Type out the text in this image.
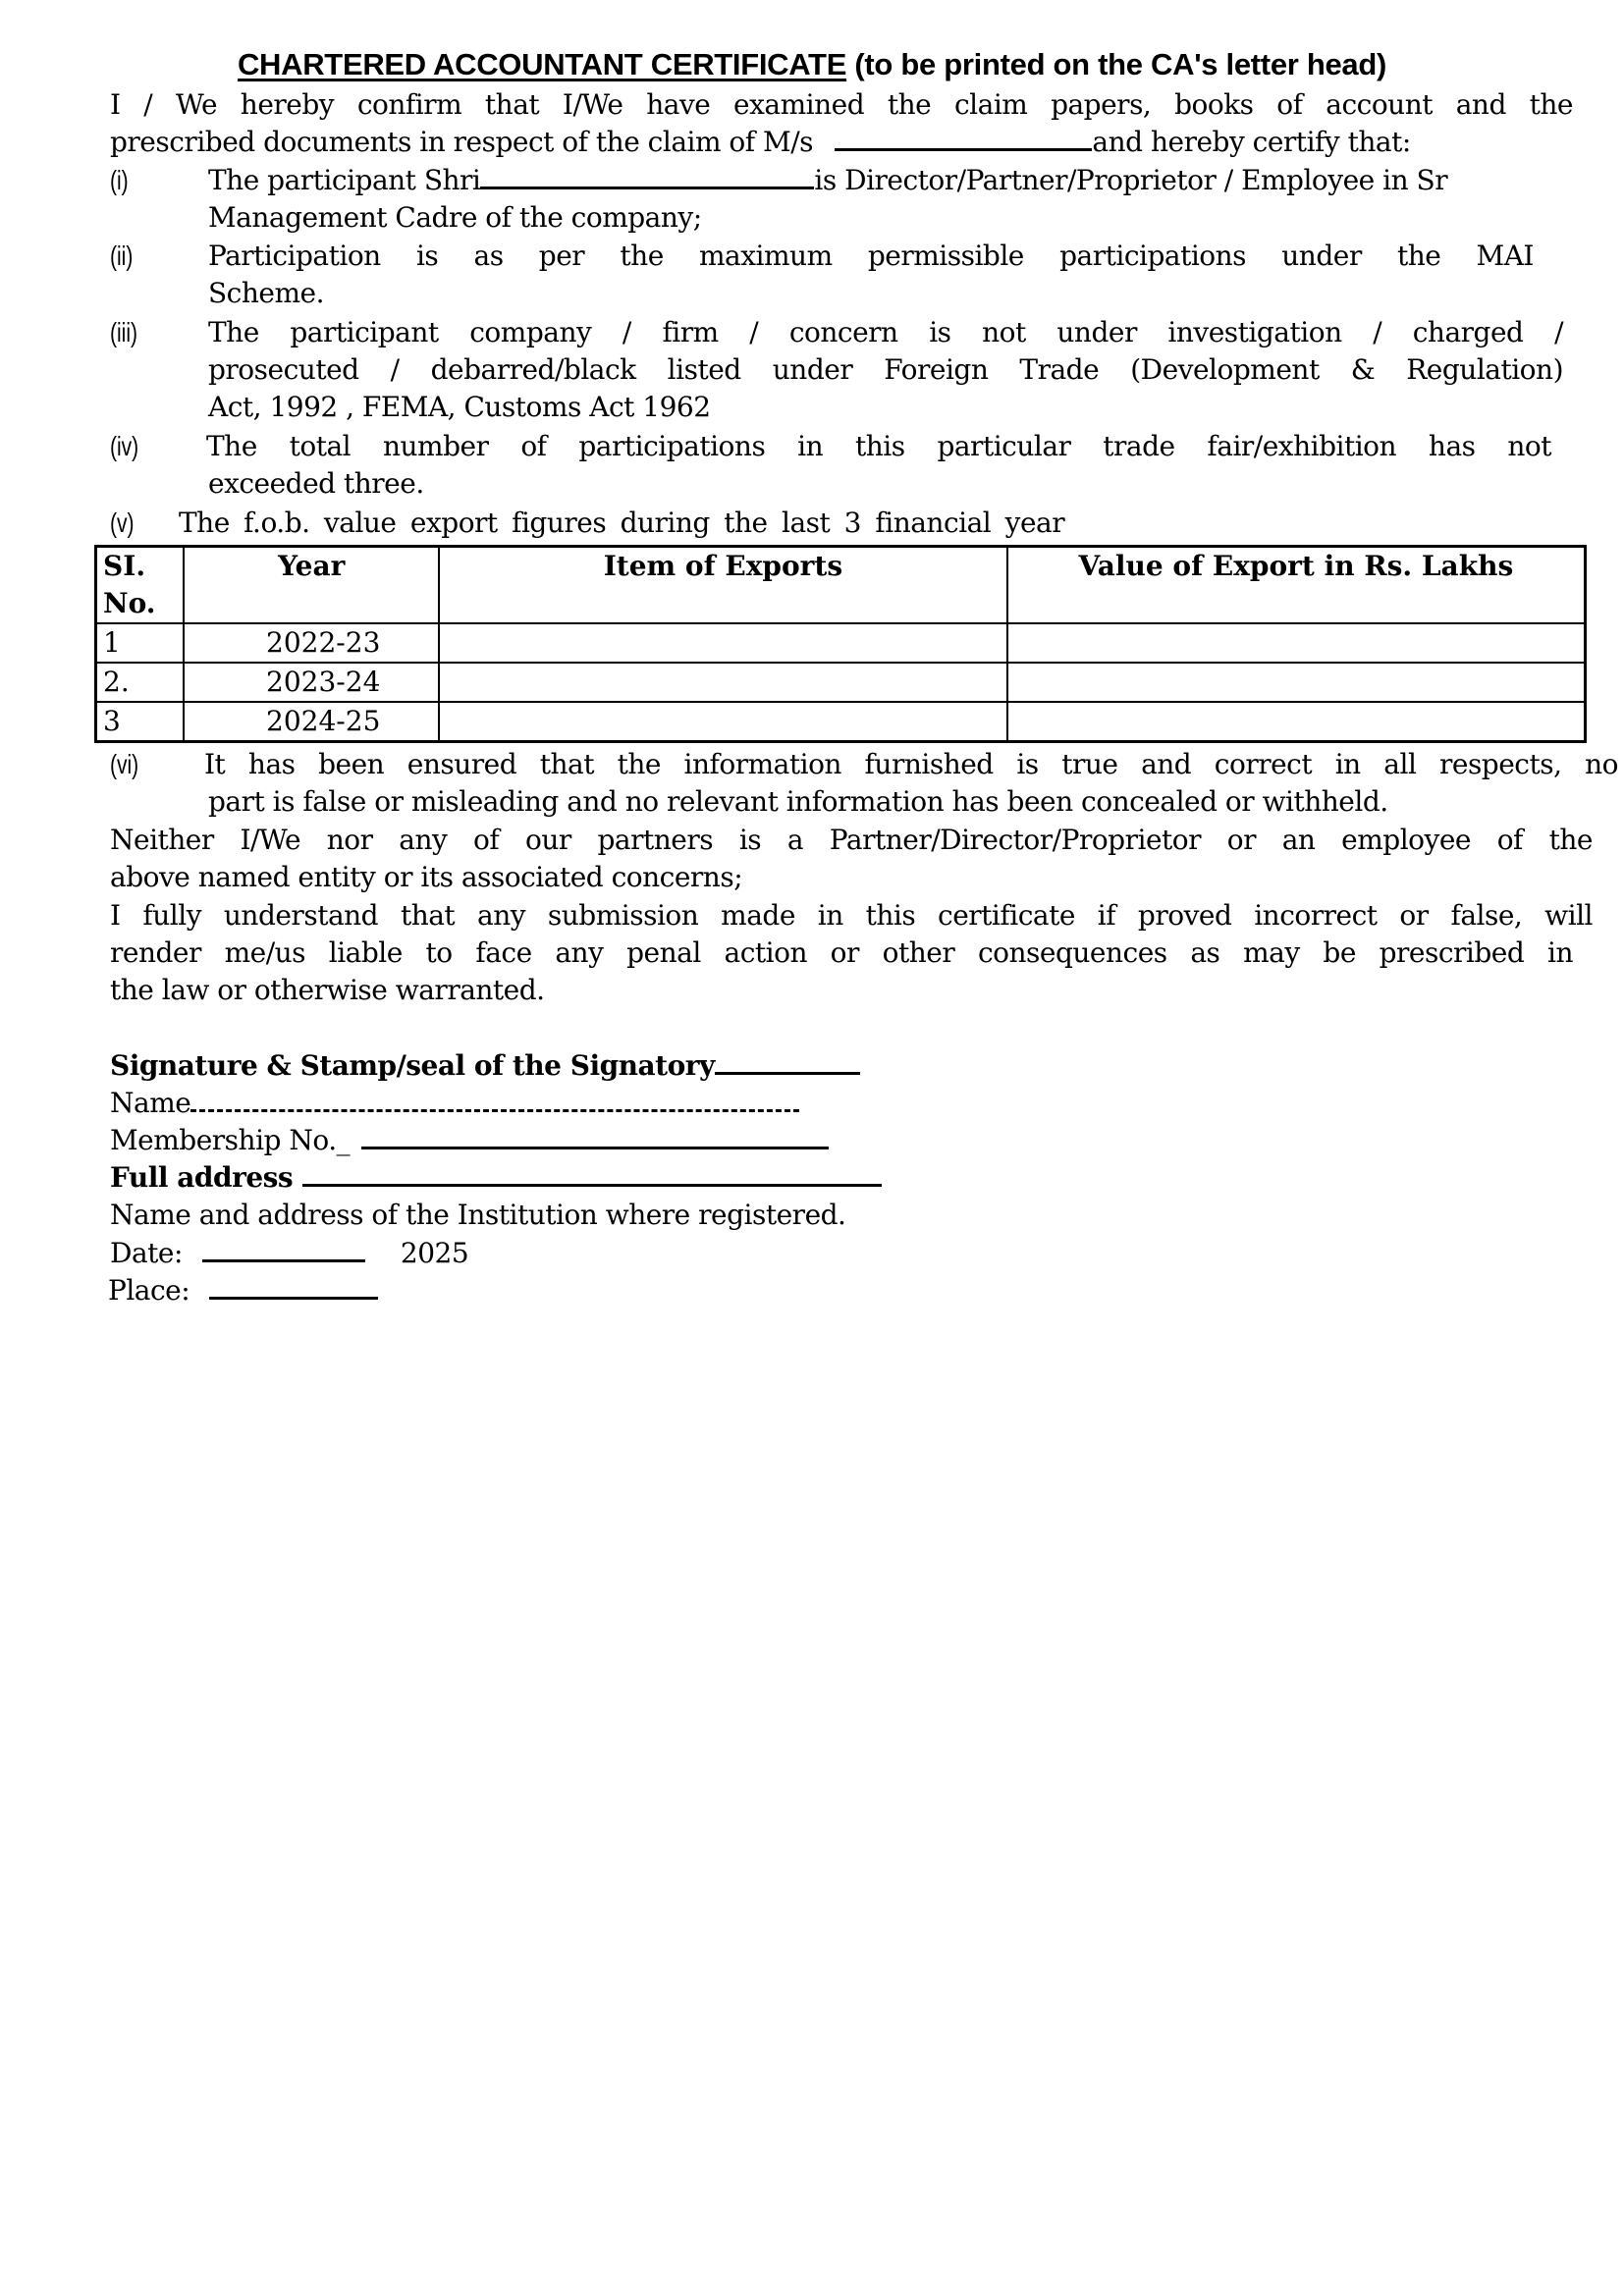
CHARTERED ACCOUNTANT CERTIFICATE (to be printed on the CA's letter head)
I / We hereby confirm that I/We have examined the claim papers, books of account and the
prescribed documents in respect of the claim of M/s	and hereby certify that:
(i)	The participant Shri	is Director/Partner/Proprietor / Employee in Sr
Management Cadre of the company;
(ii)	Participation is as per the maximum permissible participations under the MAI
Scheme.
(iii)	The participant company / firm / concern is not under investigation / charged /
prosecuted / debarred/black listed under Foreign Trade (Development & Regulation)
Act, 1992 , FEMA, Customs Act 1962
(iv) The total number of participations in this particular trade fair/exhibition has not
exceeded three.
(v) The f.o.b. value export figures during the last 3 financial year
SI.
No.	Year	Item of Exports	Value of Export in Rs. Lakhs
1	2022-23		
2.	2023-24		
3	2024-25		
(vi) It has been ensured that the information furnished is true and correct in all respects, no
part is false or misleading and no relevant information has been concealed or withheld.
Neither I/We nor any of our partners is a Partner/Director/Proprietor or an employee of the
above named entity or its associated concerns;
I fully understand that any submission made in this certificate if proved incorrect or false, will
render me/us liable to face any penal action or other consequences as may be prescribed in
the law or otherwise warranted.
Signature & Stamp/seal of the Signatory
Name
Membership No._
Full address
Name and address of the Institution where registered.
Date:	2025
Place:
